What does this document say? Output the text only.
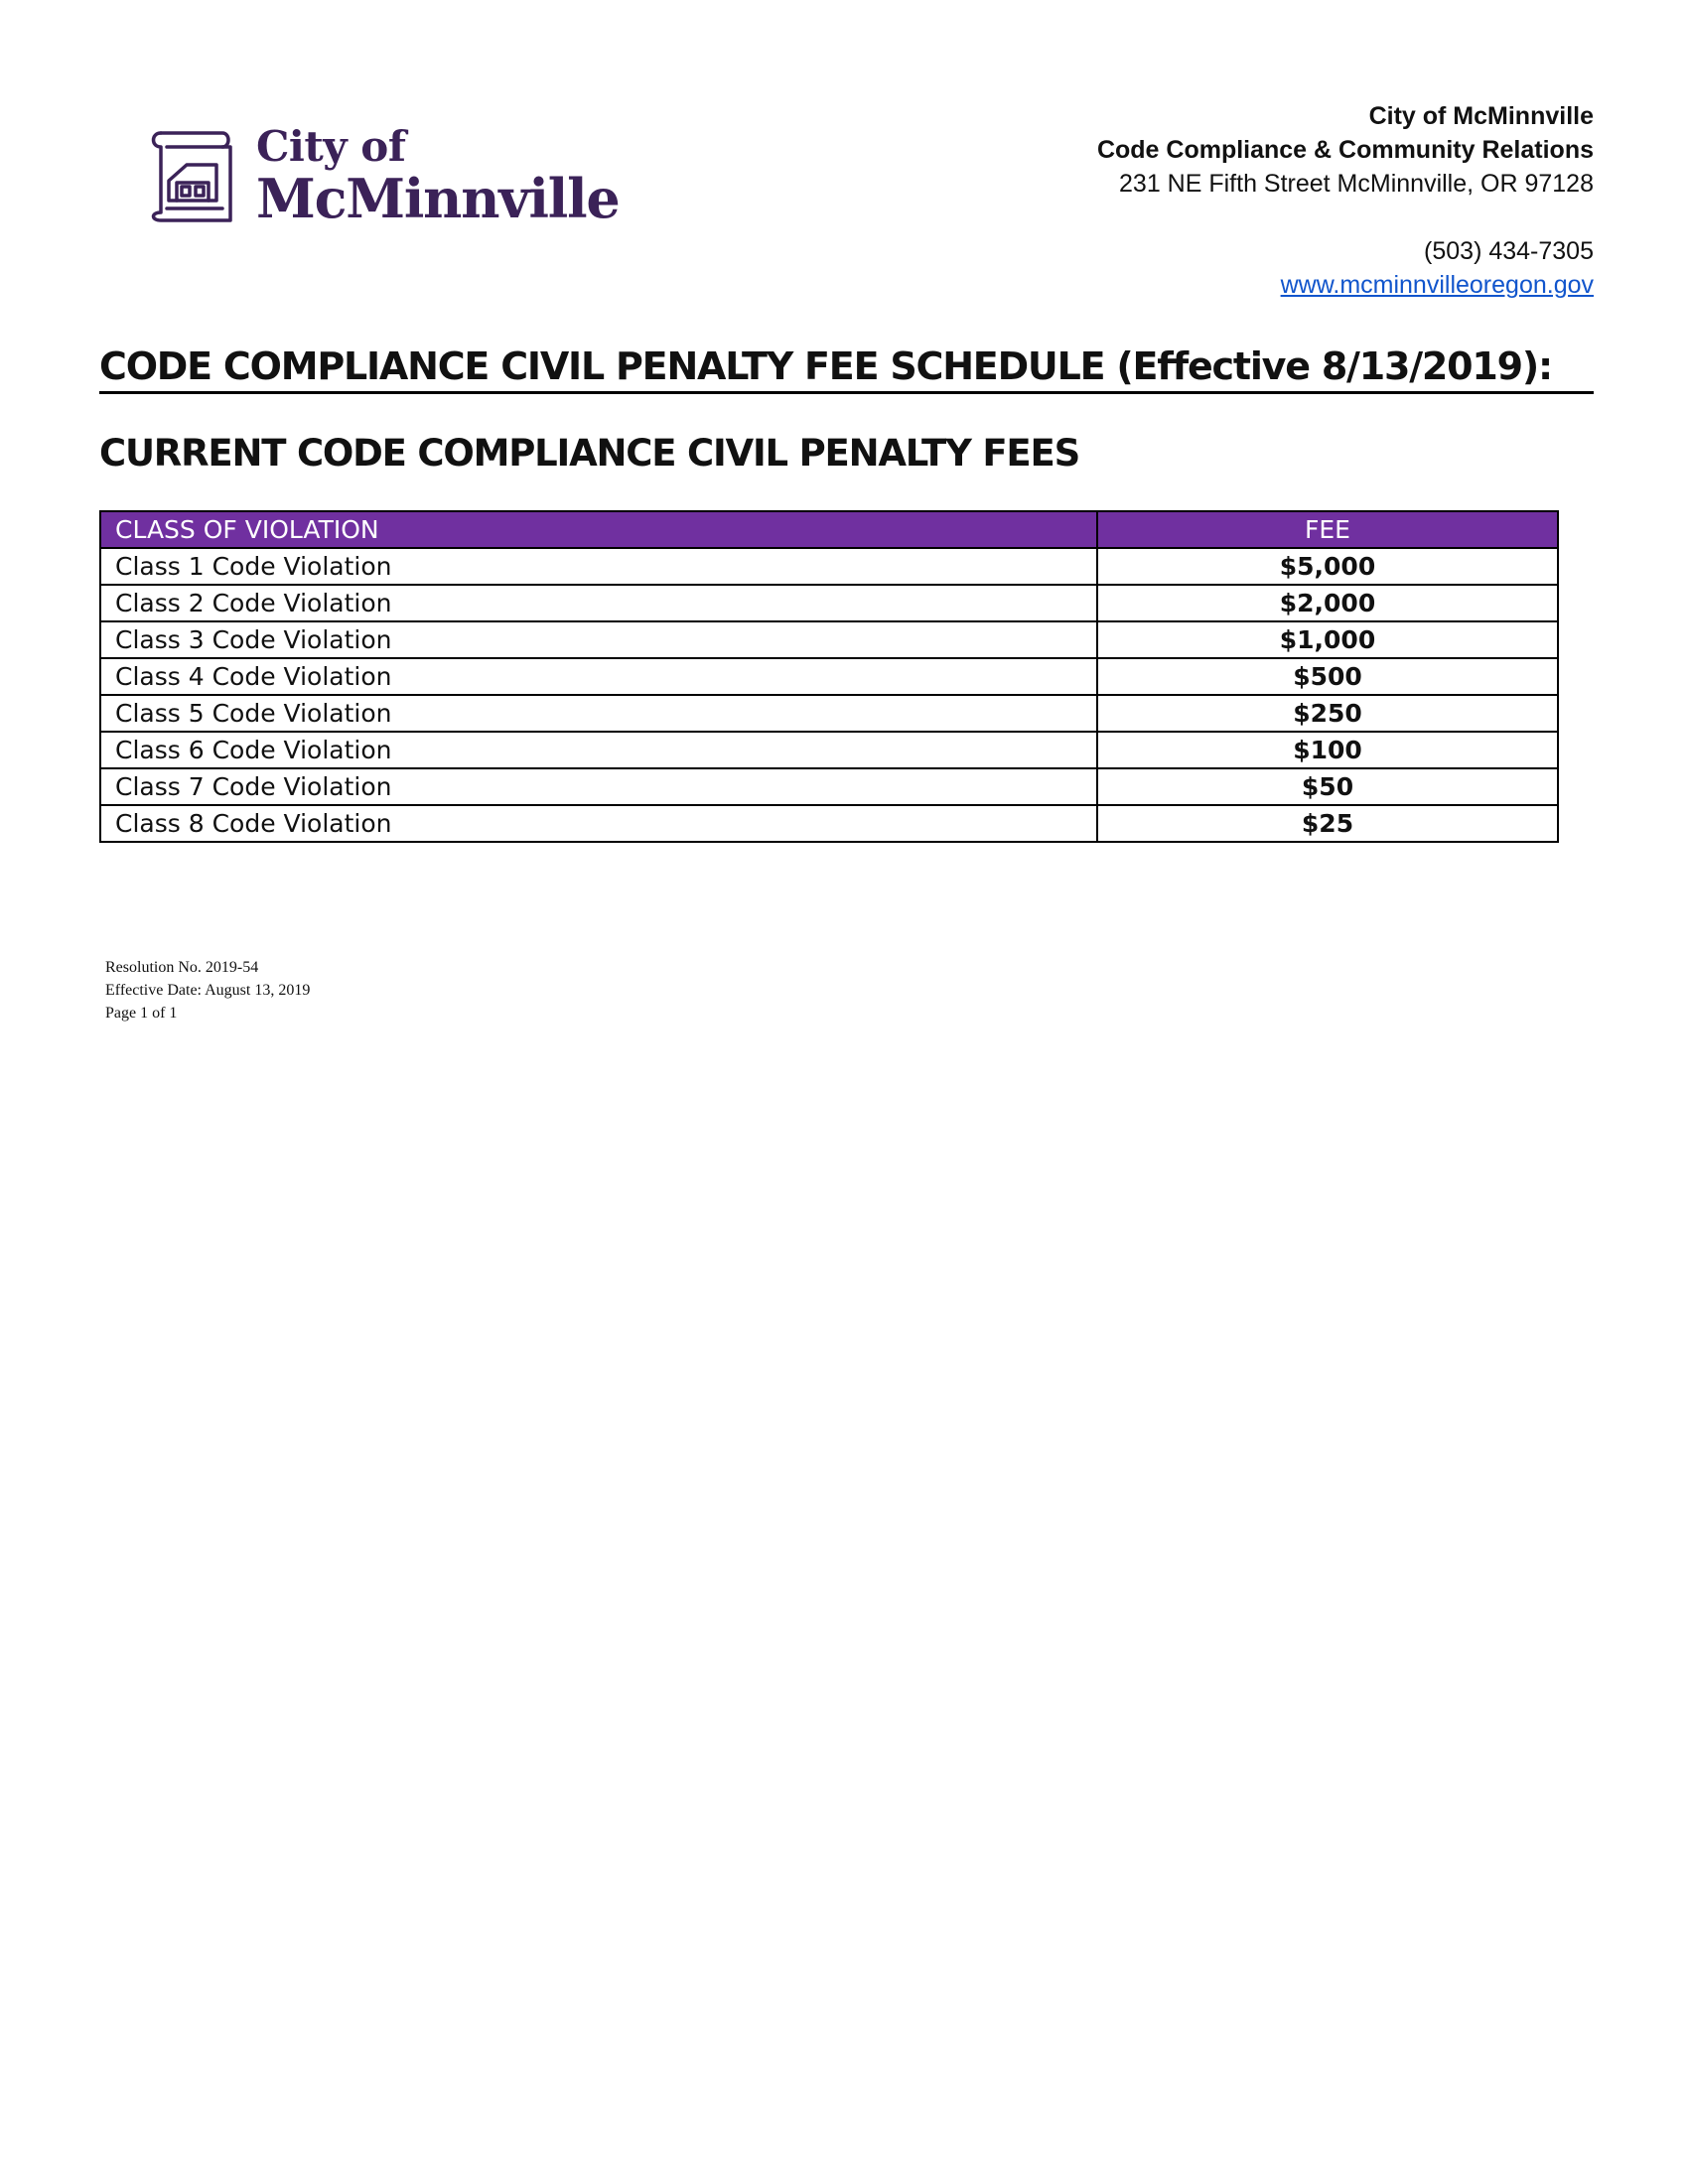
City of
McMinnville
City of McMinnville
Code Compliance & Community Relations
231 NE Fifth Street McMinnville, OR 97128
(503) 434-7305
www.mcminnvilleoregon.gov
CODE COMPLIANCE CIVIL PENALTY FEE SCHEDULE (Effective 8/13/2019):
CURRENT CODE COMPLIANCE CIVIL PENALTY FEES
CLASS OF VIOLATION	FEE
Class 1 Code Violation	$5,000
Class 2 Code Violation	$2,000
Class 3 Code Violation	$1,000
Class 4 Code Violation	$500
Class 5 Code Violation	$250
Class 6 Code Violation	$100
Class 7 Code Violation	$50
Class 8 Code Violation	$25
Resolution No. 2019-54
Effective Date: August 13, 2019
Page 1 of 1
